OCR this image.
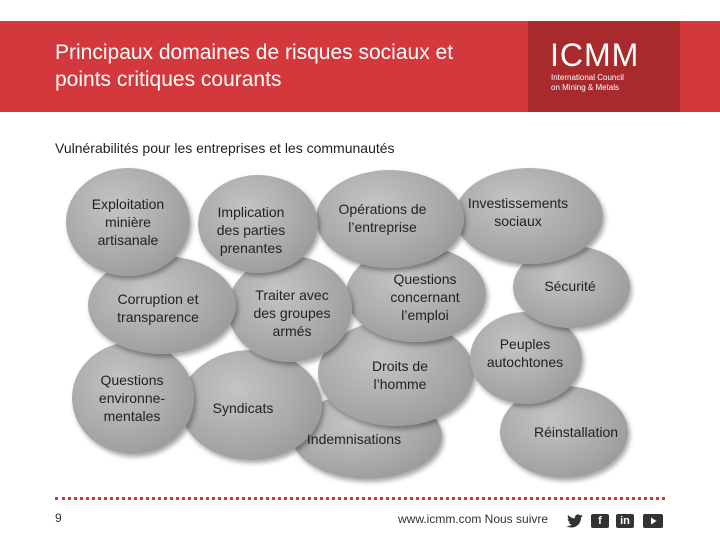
Principaux domaines de risques sociaux et
points critiques courants
ICMM
International Council
on Mining & Metals
Vulnérabilités pour les entreprises et les communautés
Exploitation
minière
artisanale
Implication
des parties
prenantes
Opérations de
l’entreprise
Investissements
sociaux
Corruption et
transparence
Traiter avec
des groupes
armés
Questions
concernant
l’emploi
Sécurité
Droits de
l’homme
Peuples
autochtones
Questions
environne-
mentales	Syndicats
Indemnisations	Réinstallation
9	www.icmm.com Nous suivre	f	in
